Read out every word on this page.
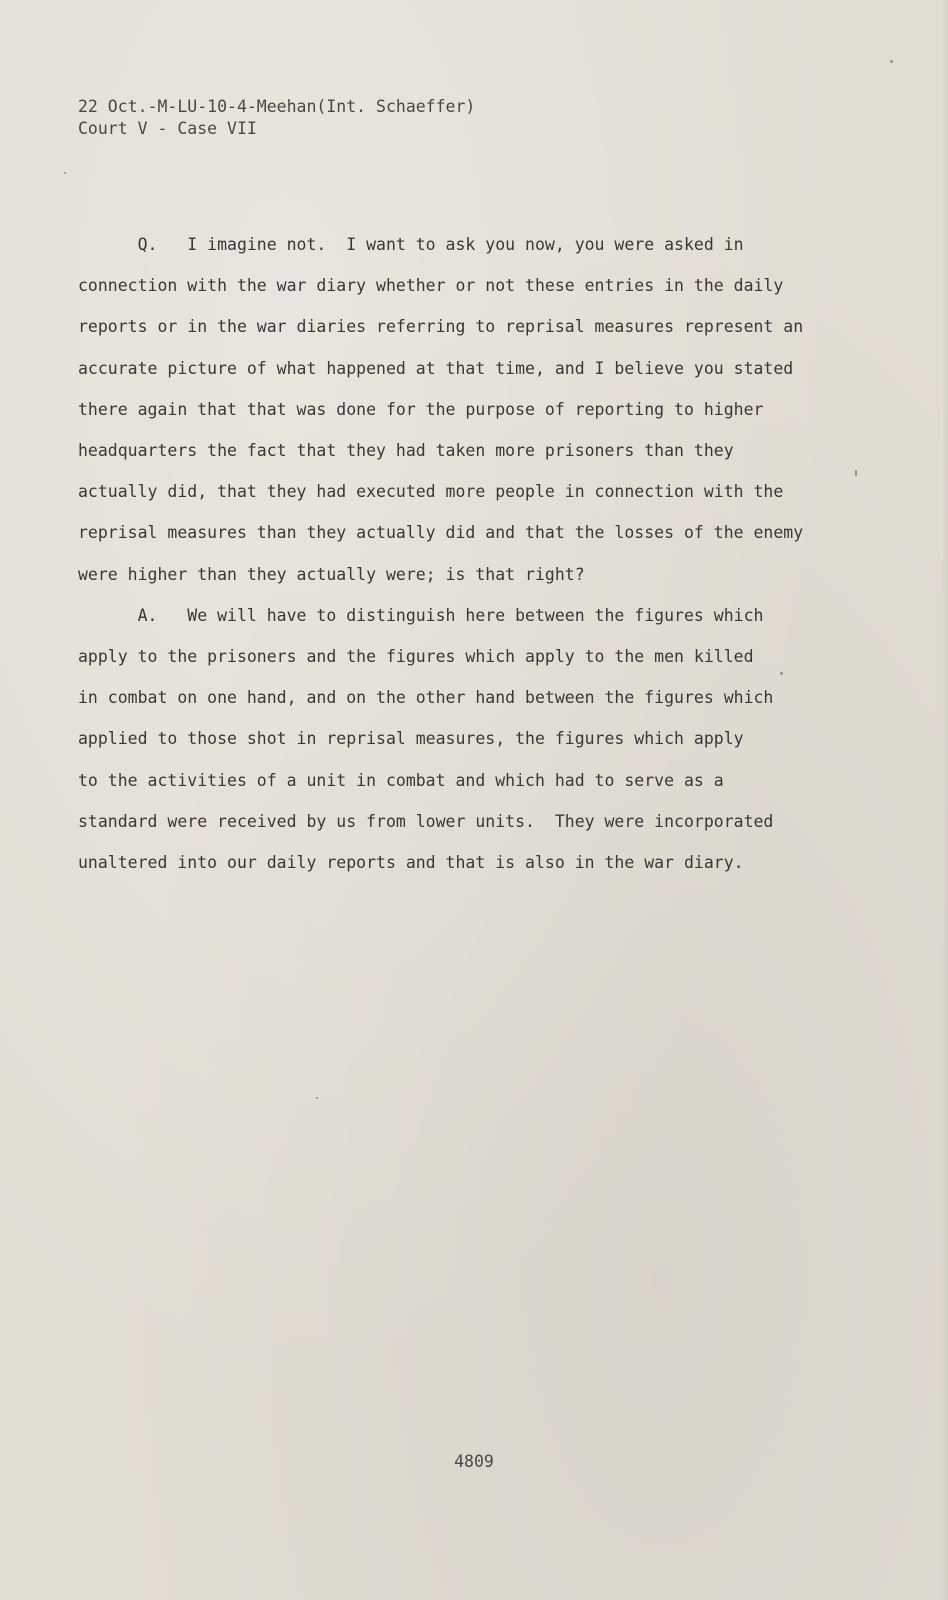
22 Oct.-M-LU-10-4-Meehan(Int. Schaeffer)
Court V - Case VII
Q.   I imagine not.  I want to ask you now, you were asked in
connection with the war diary whether or not these entries in the daily
reports or in the war diaries referring to reprisal measures represent an
accurate picture of what happened at that time, and I believe you stated
there again that that was done for the purpose of reporting to higher
headquarters the fact that they had taken more prisoners than they
actually did, that they had executed more people in connection with the
reprisal measures than they actually did and that the losses of the enemy
were higher than they actually were; is that right?
A.   We will have to distinguish here between the figures which
apply to the prisoners and the figures which apply to the men killed
in combat on one hand, and on the other hand between the figures which
applied to those shot in reprisal measures, the figures which apply
to the activities of a unit in combat and which had to serve as a
standard were received by us from lower units.  They were incorporated
unaltered into our daily reports and that is also in the war diary.
4809
